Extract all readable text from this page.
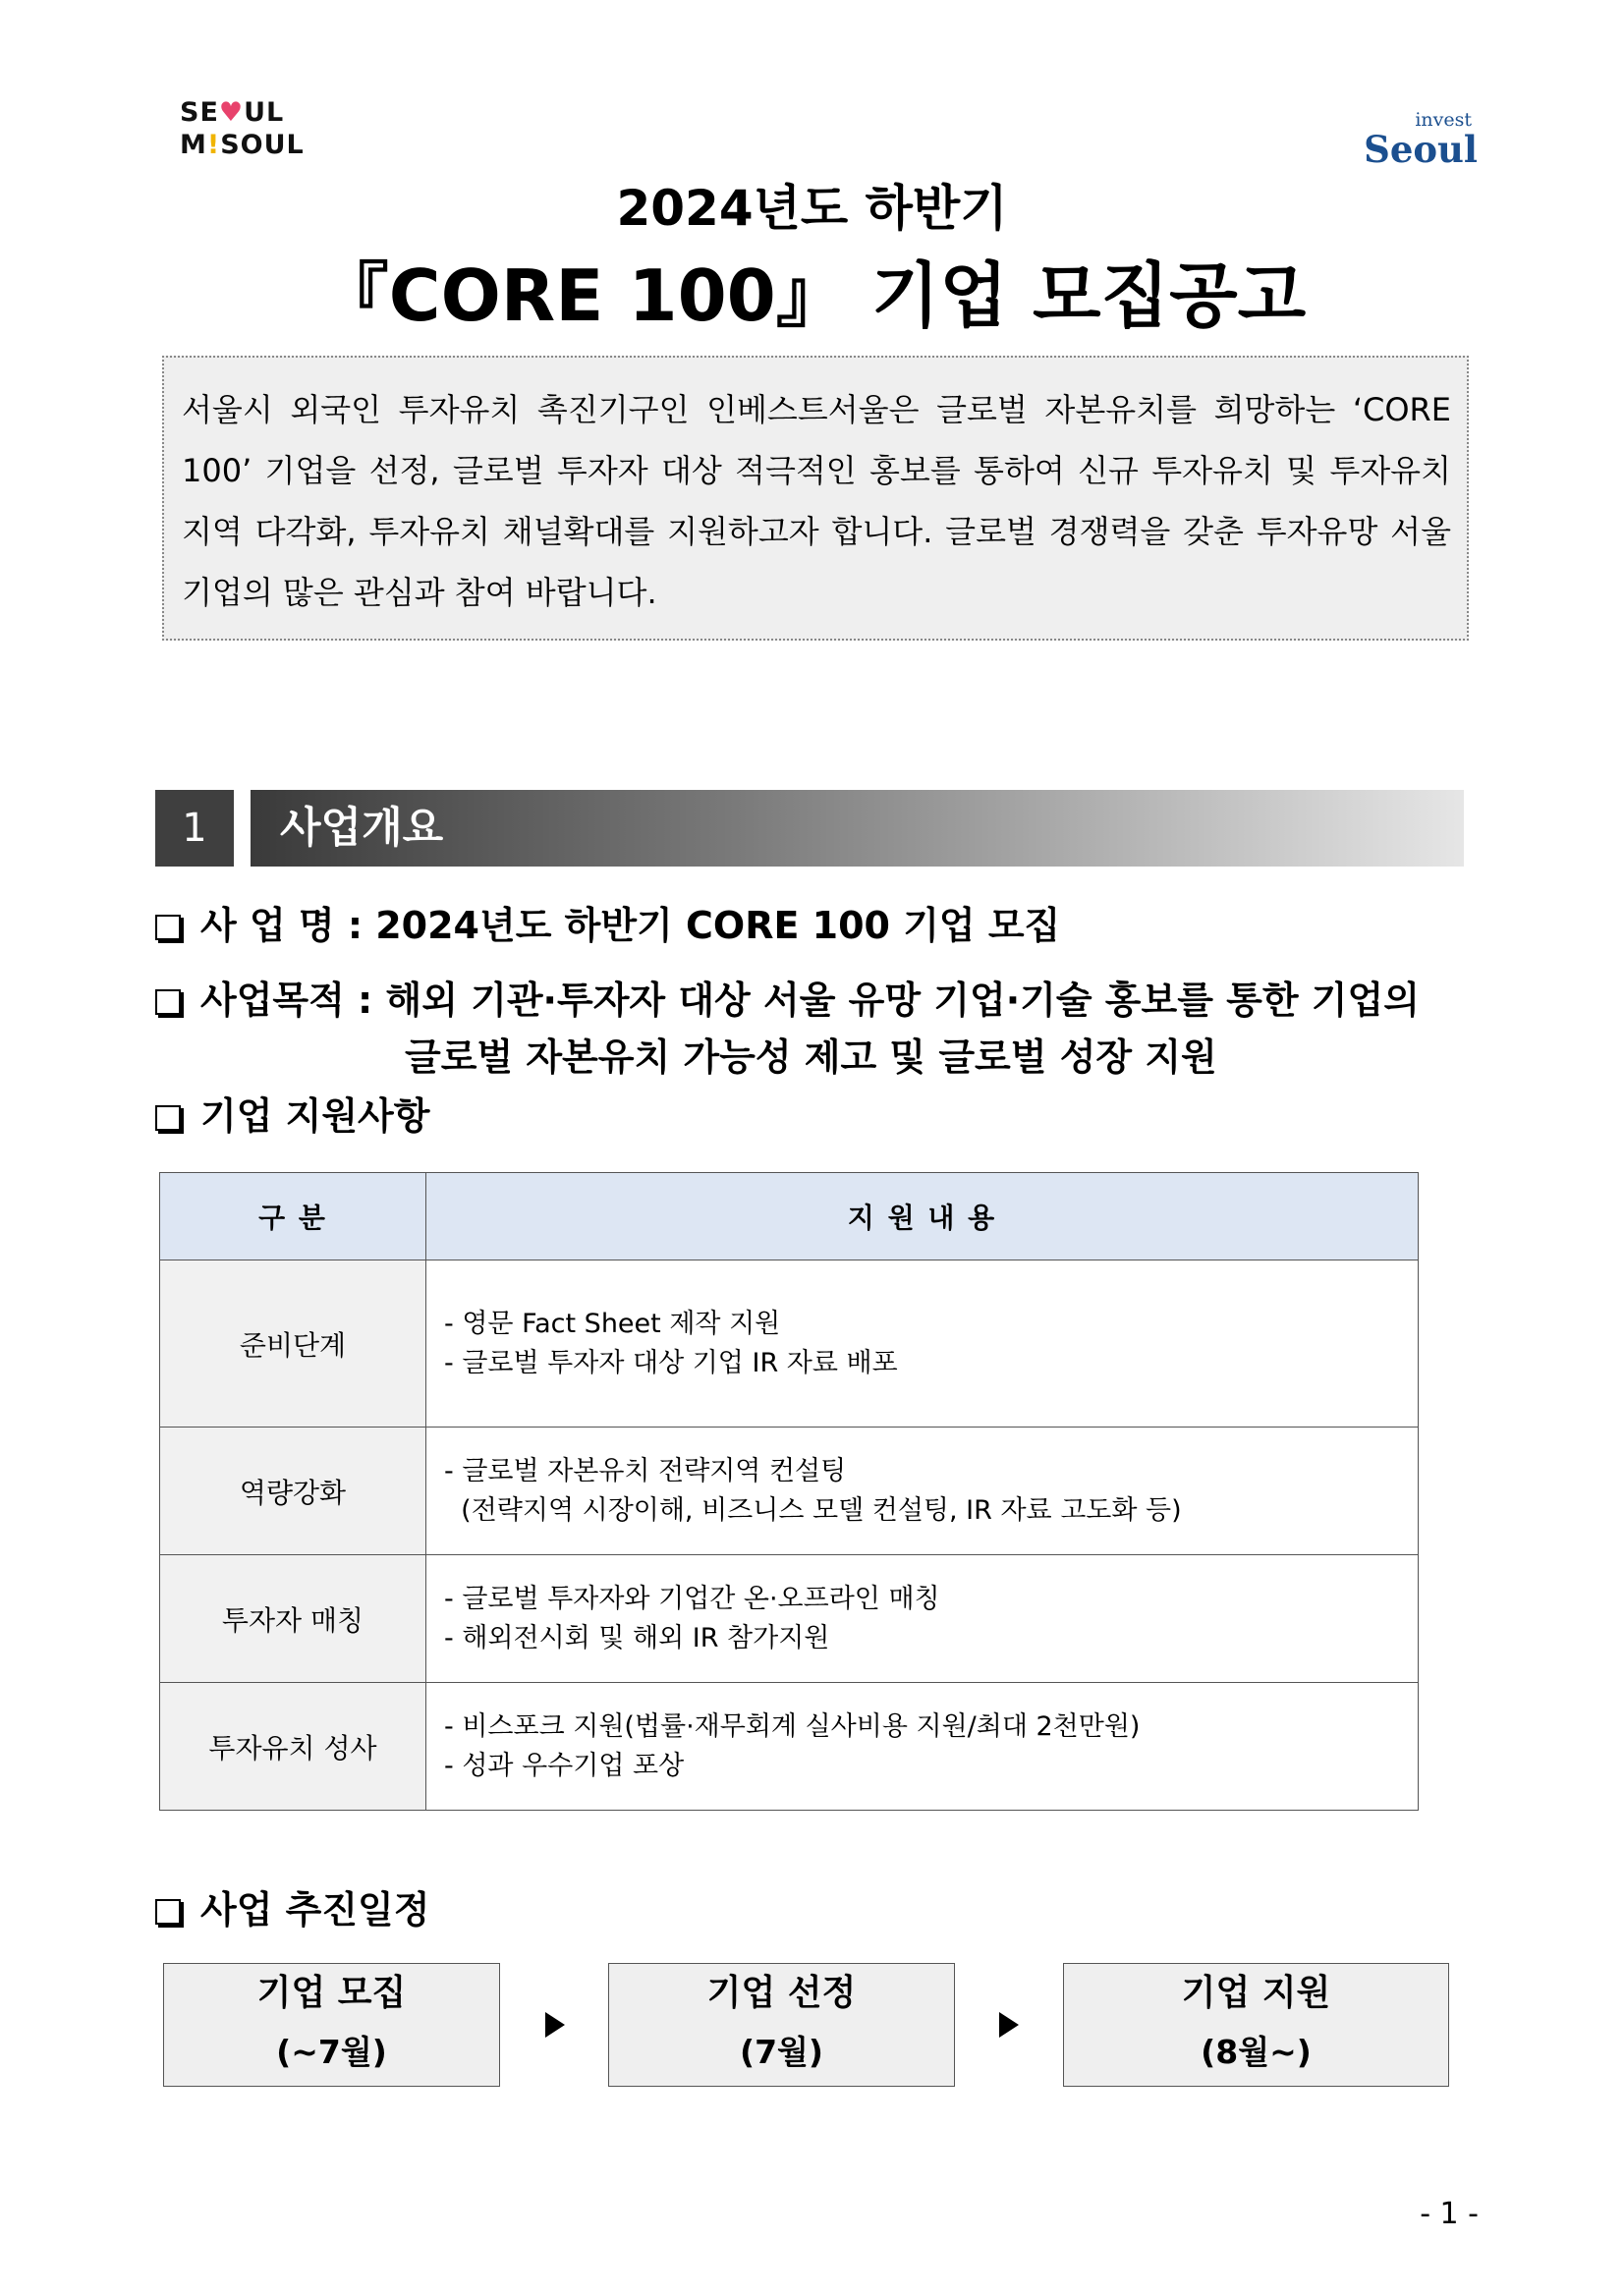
SE♥UL
M!SOUL
invest
Seoul
2024년도 하반기
『CORE 100』 기업 모집공고
서울시 외국인 투자유치 촉진기구인 인베스트서울은 글로벌 자본유치를 희망하는 ‘CORE 100’ 기업을 선정, 글로벌 투자자 대상 적극적인 홍보를 통하여 신규 투자유치 및 투자유치 지역 다각화, 투자유치 채널확대를 지원하고자 합니다. 글로벌 경쟁력을 갖춘 투자유망 서울기업의 많은 관심과 참여 바랍니다.
1	사업개요
사 업 명 : 2024년도 하반기 CORE 100 기업 모집
사업목적 : 해외 기관·투자자 대상 서울 유망 기업·기술 홍보를 통한 기업의
글로벌 자본유치 가능성 제고 및 글로벌 성장 지원
기업 지원사항
구 분	지 원 내 용
준비단계	- 영문 Fact Sheet 제작 지원
- 글로벌 투자자 대상 기업 IR 자료 배포

역량강화	- 글로벌 자본유치 전략지역 컨설팅
(전략지역 시장이해, 비즈니스 모델 컨설팅, IR 자료 고도화 등)

투자자 매칭	- 글로벌 투자자와 기업간 온·오프라인 매칭
- 해외전시회 및 해외 IR 참가지원

투자유치 성사	- 비스포크 지원(법률·재무회계 실사비용 지원/최대 2천만원)
- 성과 우수기업 포상
사업 추진일정
기업 모집
(~7월)
기업 선정
(7월)
기업 지원
(8월~)
- 1 -
